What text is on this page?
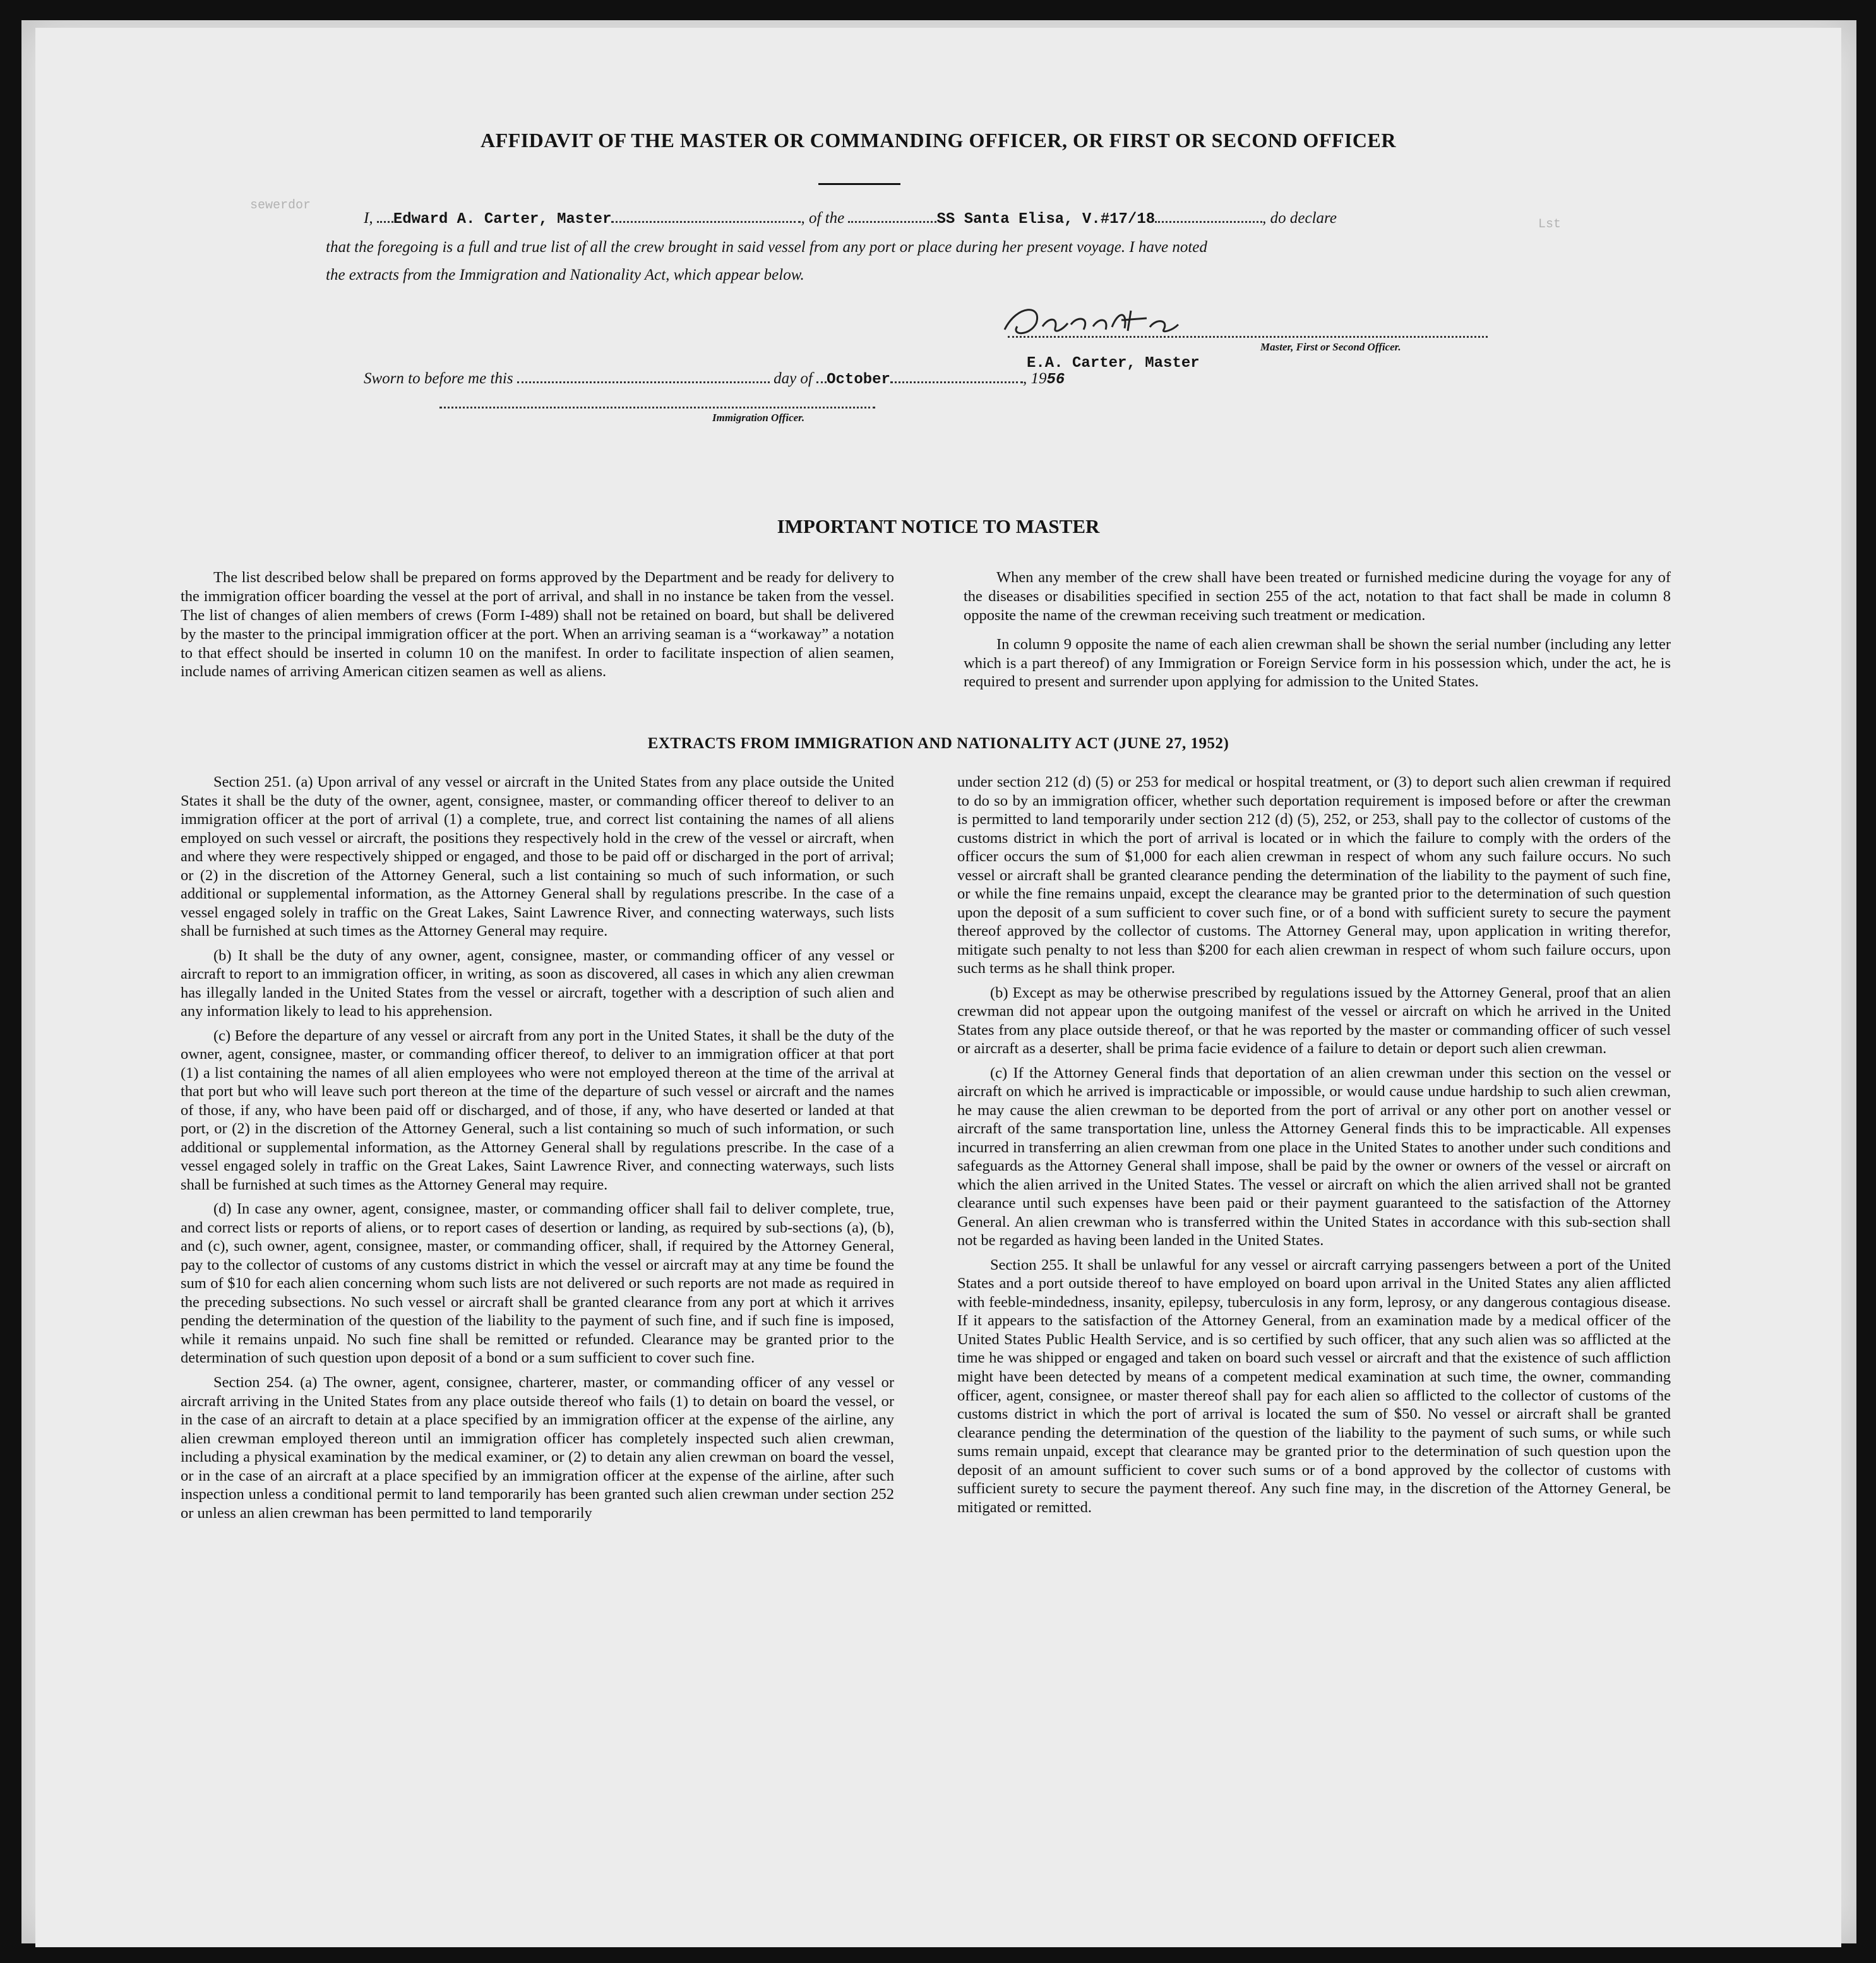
Lst
sewerdor
AFFIDAVIT OF THE MASTER OR COMMANDING OFFICER, OR FIRST OR SECOND OFFICER
I, Edward A. Carter, Master	, of the	SS Santa Elisa, V.#17/18	, do declare
that the foregoing is a full and true list of all the crew brought in said vessel from any port or place during her present voyage. I have noted
the extracts from the Immigration and Nationality Act, which appear below.
Eacart
Master, First or Second Officer.
E.A. Carter, Master
Sworn to before me this	day of October	, 1956
Immigration Officer.
IMPORTANT NOTICE TO MASTER

The list described below shall be prepared on forms approved by the Department and be ready for delivery to the immigration officer boarding the vessel at the port of arrival, and shall in no instance be taken from the vessel. The list of changes of alien members of crews (Form I-489) shall not be retained on board, but shall be delivered by the master to the principal immigration officer at the port. When an arriving seaman is a “workaway” a notation to that effect should be inserted in column 10 on the manifest. In order to facilitate inspection of alien seamen, include names of arriving American citizen seamen as well as aliens.

When any member of the crew shall have been treated or furnished medicine during the voyage for any of the diseases or disabilities specified in section 255 of the act, notation to that fact shall be made in column 8 opposite the name of the crewman receiving such treatment or medication.

In column 9 opposite the name of each alien crewman shall be shown the serial number (including any letter which is a part thereof) of any Immigration or Foreign Service form in his possession which, under the act, he is required to present and surrender upon applying for admission to the United States.

EXTRACTS FROM IMMIGRATION AND NATIONALITY ACT (JUNE 27, 1952)

Section 251. (a) Upon arrival of any vessel or aircraft in the United States from any place outside the United States it shall be the duty of the owner, agent, consignee, master, or commanding officer thereof to deliver to an immigration officer at the port of arrival (1) a complete, true, and correct list containing the names of all aliens employed on such vessel or aircraft, the positions they respectively hold in the crew of the vessel or aircraft, when and where they were respectively shipped or engaged, and those to be paid off or discharged in the port of arrival; or (2) in the discretion of the Attorney General, such a list containing so much of such information, or such additional or supplemental information, as the Attorney General shall by regulations prescribe. In the case of a vessel engaged solely in traffic on the Great Lakes, Saint Lawrence River, and connecting waterways, such lists shall be furnished at such times as the Attorney General may require.

(b) It shall be the duty of any owner, agent, consignee, master, or commanding officer of any vessel or aircraft to report to an immigration officer, in writing, as soon as discovered, all cases in which any alien crewman has illegally landed in the United States from the vessel or aircraft, together with a description of such alien and any information likely to lead to his apprehension.

(c) Before the departure of any vessel or aircraft from any port in the United States, it shall be the duty of the owner, agent, consignee, master, or commanding officer thereof, to deliver to an immigration officer at that port (1) a list containing the names of all alien employees who were not employed thereon at the time of the arrival at that port but who will leave such port thereon at the time of the departure of such vessel or aircraft and the names of those, if any, who have been paid off or discharged, and of those, if any, who have deserted or landed at that port, or (2) in the discretion of the Attorney General, such a list containing so much of such information, or such additional or supplemental information, as the Attorney General shall by regulations prescribe. In the case of a vessel engaged solely in traffic on the Great Lakes, Saint Lawrence River, and connecting waterways, such lists shall be furnished at such times as the Attorney General may require.

(d) In case any owner, agent, consignee, master, or commanding officer shall fail to deliver complete, true, and correct lists or reports of aliens, or to report cases of desertion or landing, as required by sub-sections (a), (b), and (c), such owner, agent, consignee, master, or commanding officer, shall, if required by the Attorney General, pay to the collector of customs of any customs district in which the vessel or aircraft may at any time be found the sum of $10 for each alien concerning whom such lists are not delivered or such reports are not made as required in the preceding subsections. No such vessel or aircraft shall be granted clearance from any port at which it arrives pending the determination of the question of the liability to the payment of such fine, and if such fine is imposed, while it remains unpaid. No such fine shall be remitted or refunded. Clearance may be granted prior to the determination of such question upon deposit of a bond or a sum sufficient to cover such fine.

Section 254. (a) The owner, agent, consignee, charterer, master, or commanding officer of any vessel or aircraft arriving in the United States from any place outside thereof who fails (1) to detain on board the vessel, or in the case of an aircraft to detain at a place specified by an immigration officer at the expense of the airline, any alien crewman employed thereon until an immigration officer has completely inspected such alien crewman, including a physical examination by the medical examiner, or (2) to detain any alien crewman on board the vessel, or in the case of an aircraft at a place specified by an immigration officer at the expense of the airline, after such inspection unless a conditional permit to land temporarily has been granted such alien crewman under section 252 or unless an alien crewman has been permitted to land temporarily

under section 212 (d) (5) or 253 for medical or hospital treatment, or (3) to deport such alien crewman if required to do so by an immigration officer, whether such deportation requirement is imposed before or after the crewman is permitted to land temporarily under section 212 (d) (5), 252, or 253, shall pay to the collector of customs of the customs district in which the port of arrival is located or in which the failure to comply with the orders of the officer occurs the sum of $1,000 for each alien crewman in respect of whom any such failure occurs. No such vessel or aircraft shall be granted clearance pending the determination of the liability to the payment of such fine, or while the fine remains unpaid, except the clearance may be granted prior to the determination of such question upon the deposit of a sum sufficient to cover such fine, or of a bond with sufficient surety to secure the payment thereof approved by the collector of customs. The Attorney General may, upon application in writing therefor, mitigate such penalty to not less than $200 for each alien crewman in respect of whom such failure occurs, upon such terms as he shall think proper.

(b) Except as may be otherwise prescribed by regulations issued by the Attorney General, proof that an alien crewman did not appear upon the outgoing manifest of the vessel or aircraft on which he arrived in the United States from any place outside thereof, or that he was reported by the master or commanding officer of such vessel or aircraft as a deserter, shall be prima facie evidence of a failure to detain or deport such alien crewman.

(c) If the Attorney General finds that deportation of an alien crewman under this section on the vessel or aircraft on which he arrived is impracticable or impossible, or would cause undue hardship to such alien crewman, he may cause the alien crewman to be deported from the port of arrival or any other port on another vessel or aircraft of the same transportation line, unless the Attorney General finds this to be impracticable. All expenses incurred in transferring an alien crewman from one place in the United States to another under such conditions and safeguards as the Attorney General shall impose, shall be paid by the owner or owners of the vessel or aircraft on which the alien arrived in the United States. The vessel or aircraft on which the alien arrived shall not be granted clearance until such expenses have been paid or their payment guaranteed to the satisfaction of the Attorney General. An alien crewman who is transferred within the United States in accordance with this sub-section shall not be regarded as having been landed in the United States.

Section 255. It shall be unlawful for any vessel or aircraft carrying passengers between a port of the United States and a port outside thereof to have employed on board upon arrival in the United States any alien afflicted with feeble-mindedness, insanity, epilepsy, tuberculosis in any form, leprosy, or any dangerous contagious disease. If it appears to the satisfaction of the Attorney General, from an examination made by a medical officer of the United States Public Health Service, and is so certified by such officer, that any such alien was so afflicted at the time he was shipped or engaged and taken on board such vessel or aircraft and that the existence of such affliction might have been detected by means of a competent medical examination at such time, the owner, commanding officer, agent, consignee, or master thereof shall pay for each alien so afflicted to the collector of customs of the customs district in which the port of arrival is located the sum of $50. No vessel or aircraft shall be granted clearance pending the determination of the question of the liability to the payment of such sums, or while such sums remain unpaid, except that clearance may be granted prior to the determination of such question upon the deposit of an amount sufficient to cover such sums or of a bond approved by the collector of customs with sufficient surety to secure the payment thereof. Any such fine may, in the discretion of the Attorney General, be mitigated or remitted.
